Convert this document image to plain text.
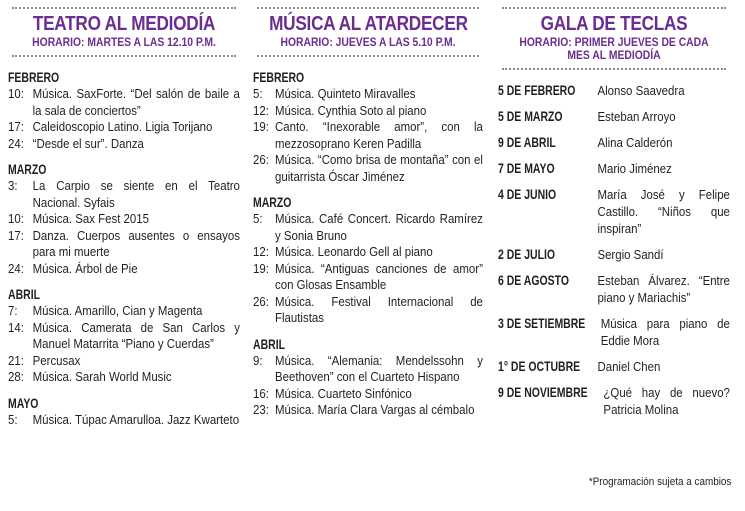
TEATRO AL MEDIODÍA
HORARIO: MARTES A LAS 12.10 P.M.
FEBRERO
10: Música. SaxForte. “Del salón de baile a la sala de conciertos”
17: Caleidoscopio Latino. Ligia Torijano
24: “Desde el sur”. Danza
MARZO
3:	La Carpio se siente en el Teatro Nacional. Syfais
10: Música. Sax Fest 2015
17: Danza. Cuerpos ausentes o ensayos para mi muerte
24: Música. Árbol de Pie
ABRIL
7:	Música. Amarillo, Cian y Magenta
14: Música. Camerata de San Carlos y Manuel Matarrita “Piano y Cuerdas”
21: Percusax
28: Música. Sarah World Music
MAYO
5:	Música. Túpac Amarulloa. Jazz Kwarteto
MÚSICA AL ATARDECER
HORARIO: JUEVES A LAS 5.10 P.M.
FEBRERO
5: Música. Quinteto Miravalles
12: Música. Cynthia Soto al piano
19: Canto. “Inexorable amor”, con la mezzosoprano Keren Padilla
26: Música. “Como brisa de montaña” con el guitarrista Óscar Jiménez
MARZO
5: Música. Café Concert. Ricardo Ramírez y Sonia Bruno
12: Música. Leonardo Gell al piano
19: Música. “Antiguas canciones de amor” con Glosas Ensamble
26: Música. Festival Internacional de Flautistas
ABRIL
9: Música. “Alemania: Mendelssohn y Beethoven” con el Cuarteto Hispano
16: Música. Cuarteto Sinfónico
23: Música. María Clara Vargas al cémbalo
GALA DE TECLAS
HORARIO: PRIMER JUEVES DE CADA MES AL MEDIODÍA
5 DE FEBRERO	Alonso Saavedra
5 DE MARZO	Esteban Arroyo
9 DE ABRIL	Alina Calderón
7 DE MAYO	Mario Jiménez
4 DE JUNIO	María José y Felipe Castillo. “Niños que inspiran”
2 DE JULIO	Sergio Sandí
6 DE AGOSTO	Esteban Álvarez. “Entre piano y Mariachis”
3 DE SETIEMBRE Música para piano de Eddie Mora
1° DE OCTUBRE Daniel Chen
9 DE NOVIEMBRE ¿Qué hay de nuevo? Patricia Molina
*Programación sujeta a cambios
